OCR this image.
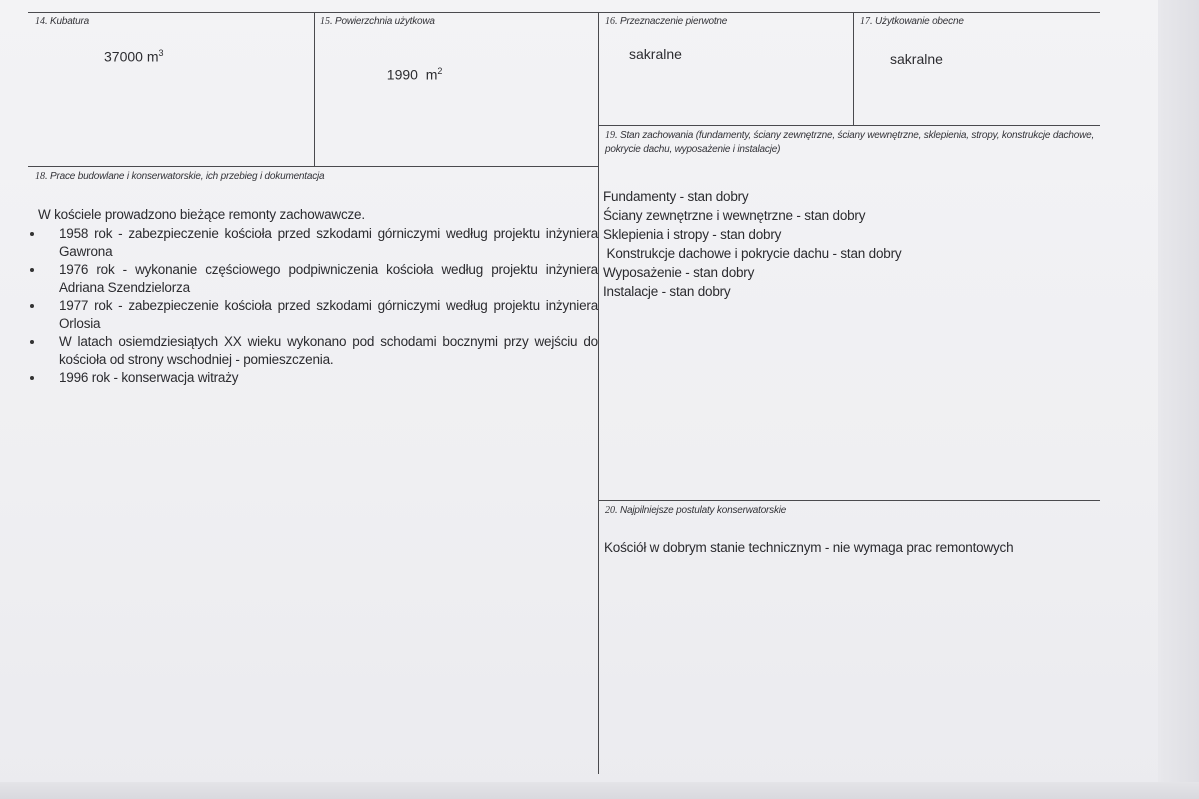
14. Kubatura
37000 $m^3$
15. Powierzchnia użytkowa

1990  $m^2$

16. Przeznaczenie pierwotne
sakralne
17. Użytkowanie obecne
sakralne
18. Prace budowlane i konserwatorskie, ich przebieg i dokumentacja
W kościele prowadzono bieżące remonty zachowawcze.
1958 rok - zabezpieczenie kościoła przed szkodami górniczymi według projektu inżyniera Gawrona
1976 rok - wykonanie częściowego podpiwniczenia kościoła według projektu inżyniera Adriana Szendzielorza
1977 rok - zabezpieczenie kościoła przed szkodami górniczymi według projektu inżyniera Orlosia
W latach osiemdziesiątych XX wieku wykonano pod schodami bocznymi przy wejściu do kościoła od strony wschodniej - pomieszczenia.
1996 rok - konserwacja witraży
19. Stan zachowania (fundamenty, ściany zewnętrzne, ściany wewnętrzne, sklepienia, stropy, konstrukcje dachowe, pokrycie dachu, wyposażenie i instalacje)
Fundamenty - stan dobry
Ściany zewnętrzne i wewnętrzne - stan dobry
Sklepienia i stropy - stan dobry
Konstrukcje dachowe i pokrycie dachu - stan dobry
Wyposażenie - stan dobry
Instalacje - stan dobry
20. Najpilniejsze postulaty konserwatorskie
Kościół w dobrym stanie technicznym - nie wymaga prac remontowych
